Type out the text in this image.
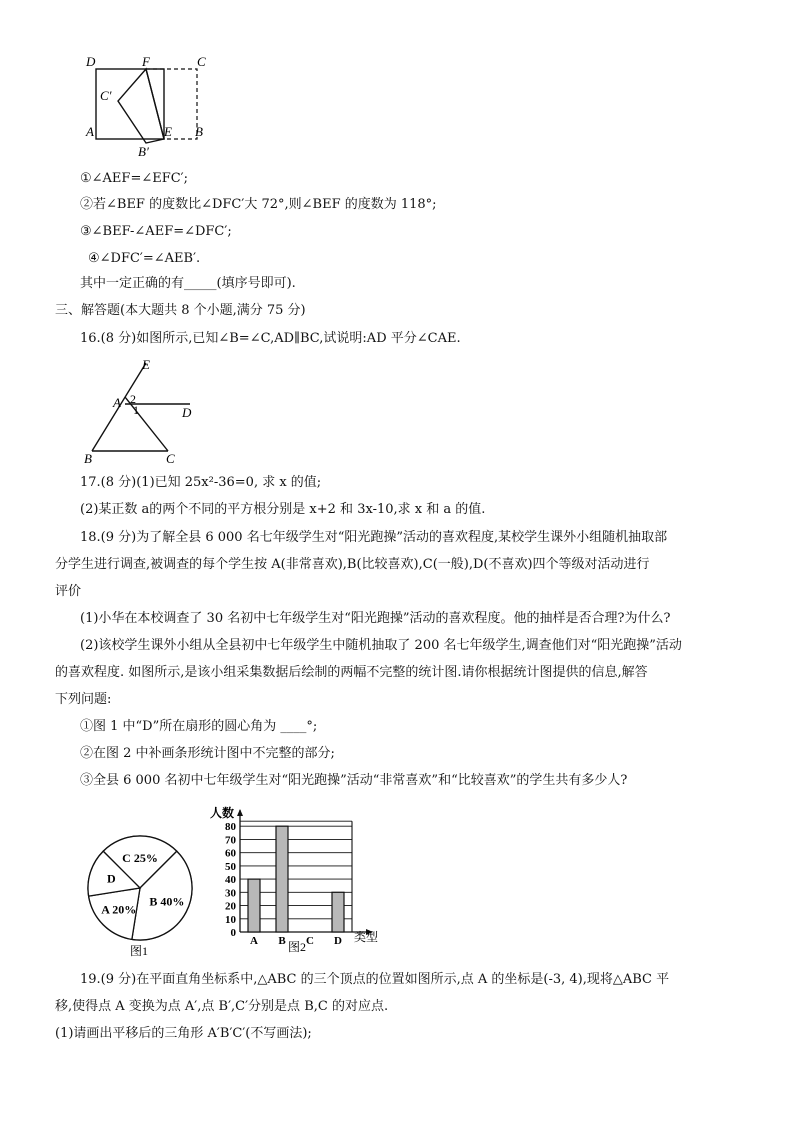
D	F	C
C′
A	E B
B′
①∠AEF=∠EFC′;
②若∠BEF 的度数比∠DFC′大 72°,则∠BEF 的度数为 118°;
③∠BEF-∠AEF=∠DFC′;
④∠DFC′=∠AEB′.
其中一定正确的有_____(填序号即可).
三、解答题(本大题共 8 个小题,满分 75 分)
16.(8 分)如图所示,已知∠B=∠C,AD∥BC,试说明:AD 平分∠CAE.
E
A 2
1	D
B	C
17.(8 分)(1)已知 25x²-36=0, 求 x 的值;
(2)某正数 a的两个不同的平方根分别是 x+2 和 3x-10,求 x 和 a 的值.
18.(9 分)为了解全县 6 000 名七年级学生对“阳光跑操”活动的喜欢程度,某校学生课外小组随机抽取部
分学生进行调查,被调查的每个学生按 A(非常喜欢),B(比较喜欢),C(一般),D(不喜欢)四个等级对活动进行
评价
(1)小华在本校调查了 30 名初中七年级学生对“阳光跑操”活动的喜欢程度。他的抽样是否合理?为什么?
(2)该校学生课外小组从全县初中七年级学生中随机抽取了 200 名七年级学生,调查他们对“阳光跑操”活动
的喜欢程度. 如图所示,是该小组采集数据后绘制的两幅不完整的统计图.请你根据统计图提供的信息,解答
下列问题:
①图 1 中“D”所在扇形的圆心角为 ____°;
②在图 2 中补画条形统计图中不完整的部分;
③全县 6 000 名初中七年级学生对“阳光跑操”活动“非常喜欢”和“比较喜欢”的学生共有多少人?
C 25%
B 40%
A 20%
D
图1
0
10
20
30
40
50
60
70
80
A B C D
人数
类型
图2
19.(9 分)在平面直角坐标系中,△ABC 的三个顶点的位置如图所示,点 A 的坐标是(-3, 4),现将△ABC 平
移,使得点 A 变换为点 A′,点 B′,C′分别是点 B,C 的对应点.
(1)请画出平移后的三角形 A′B′C′(不写画法);
